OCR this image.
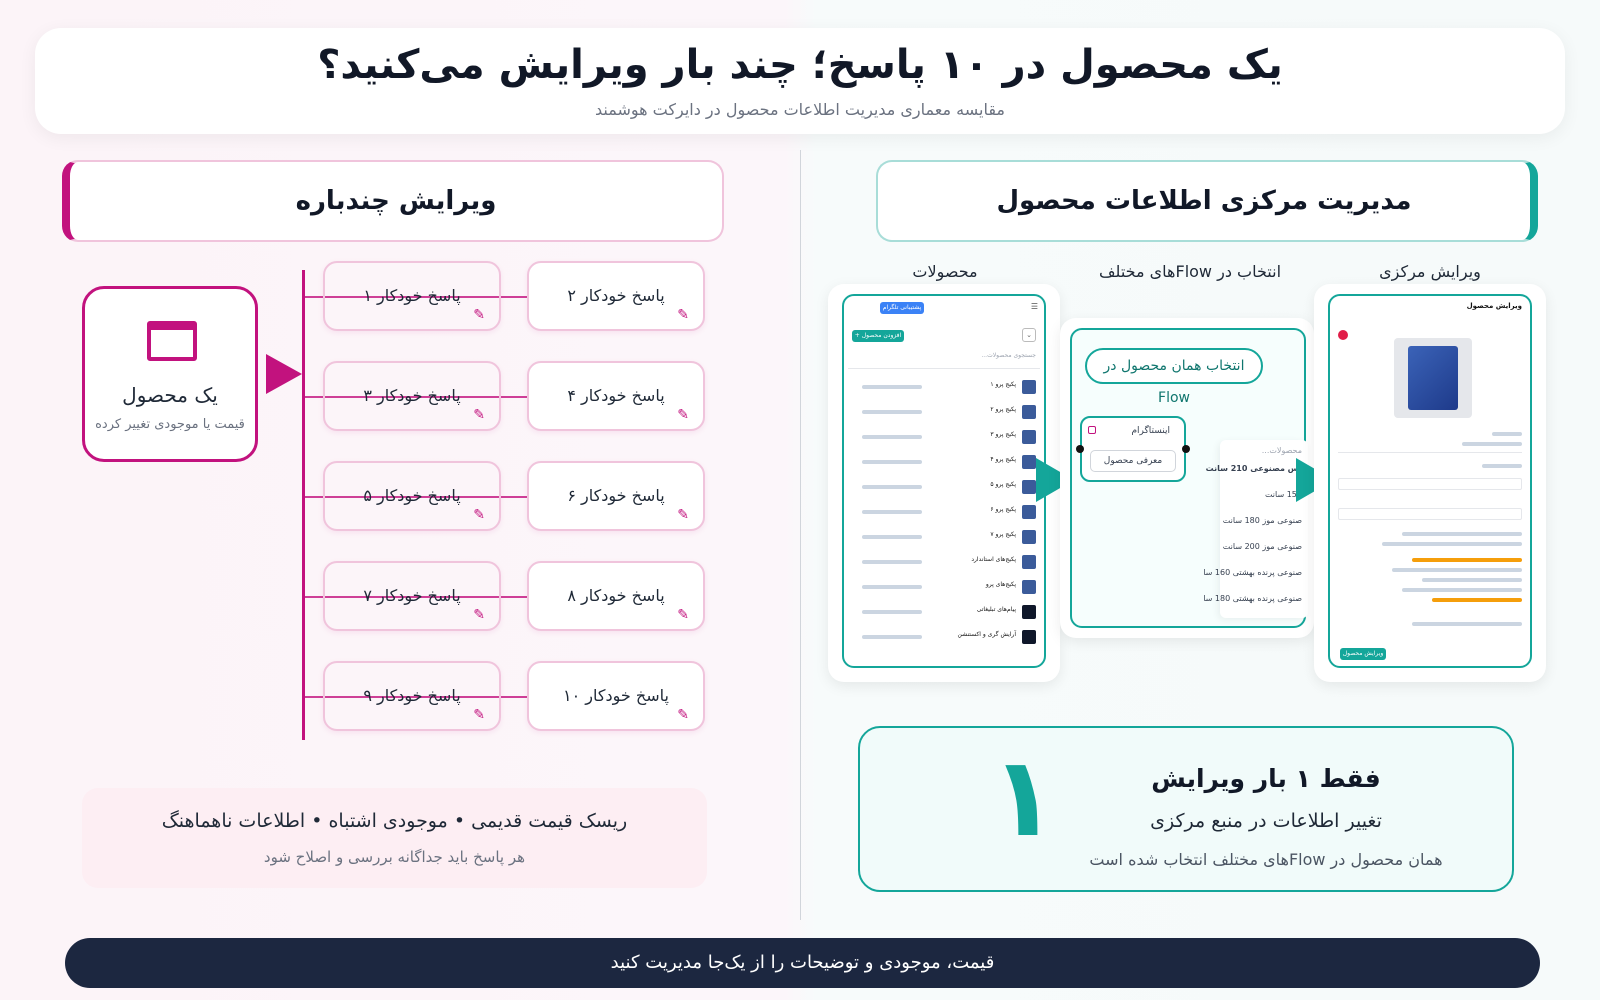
یک محصول در ۱۰ پاسخ؛ چند بار ویرایش می‌کنید؟
مقایسه معماری مدیریت اطلاعات محصول در دایرکت هوشمند
ویرایش چندباره
یک محصول
قیمت یا موجودی تغییر کرده
پاسخ خودکار ۲
✎
پاسخ خودکار ۱
✎
پاسخ خودکار ۴
✎
پاسخ خودکار ۳
✎
پاسخ خودکار ۶
✎
پاسخ خودکار ۵
✎
پاسخ خودکار ۸
✎
پاسخ خودکار ۷
✎
پاسخ خودکار ۱۰
✎
پاسخ خودکار ۹
✎
ریسک قیمت قدیمی • موجودی اشتباه • اطلاعات ناهماهنگ
هر پاسخ باید جداگانه بررسی و اصلاح شود
مدیریت مرکزی اطلاعات محصول
محصولات	انتخاب در Flowهای مختلف	ویرایش مرکزی
☰
پشتیبانی تلگرام
+ افزودن محصول	⌄
جستجوی محصولات...
پکیج پرو ۱
پکیج پرو ۲
پکیج پرو ۳
پکیج پرو ۴
پکیج پرو ۵
پکیج پرو ۶
پکیج پرو ۷
پکیج‌های استاندارد
پکیج‌های پرو
پیام‌های تبلیغاتی
آرایش گری و اکستنشن
انتخاب همان محصول در Flow
اینستاگرام
معرفی محصول
محصولات...
پس مصنوعی 210 سانت
150 سانت
صنوعی موز 180 سانت
صنوعی موز 200 سانت
صنوعی پرنده بهشتی 160 سا
صنوعی پرنده بهشتی 180 سا
ویرایش محصول
ویرایش محصول
۱	فقط ۱ بار ویرایش
تغییر اطلاعات در منبع مرکزی
همان محصول در Flowهای مختلف انتخاب شده است
قیمت، موجودی و توضیحات را از یک‌جا مدیریت کنید
